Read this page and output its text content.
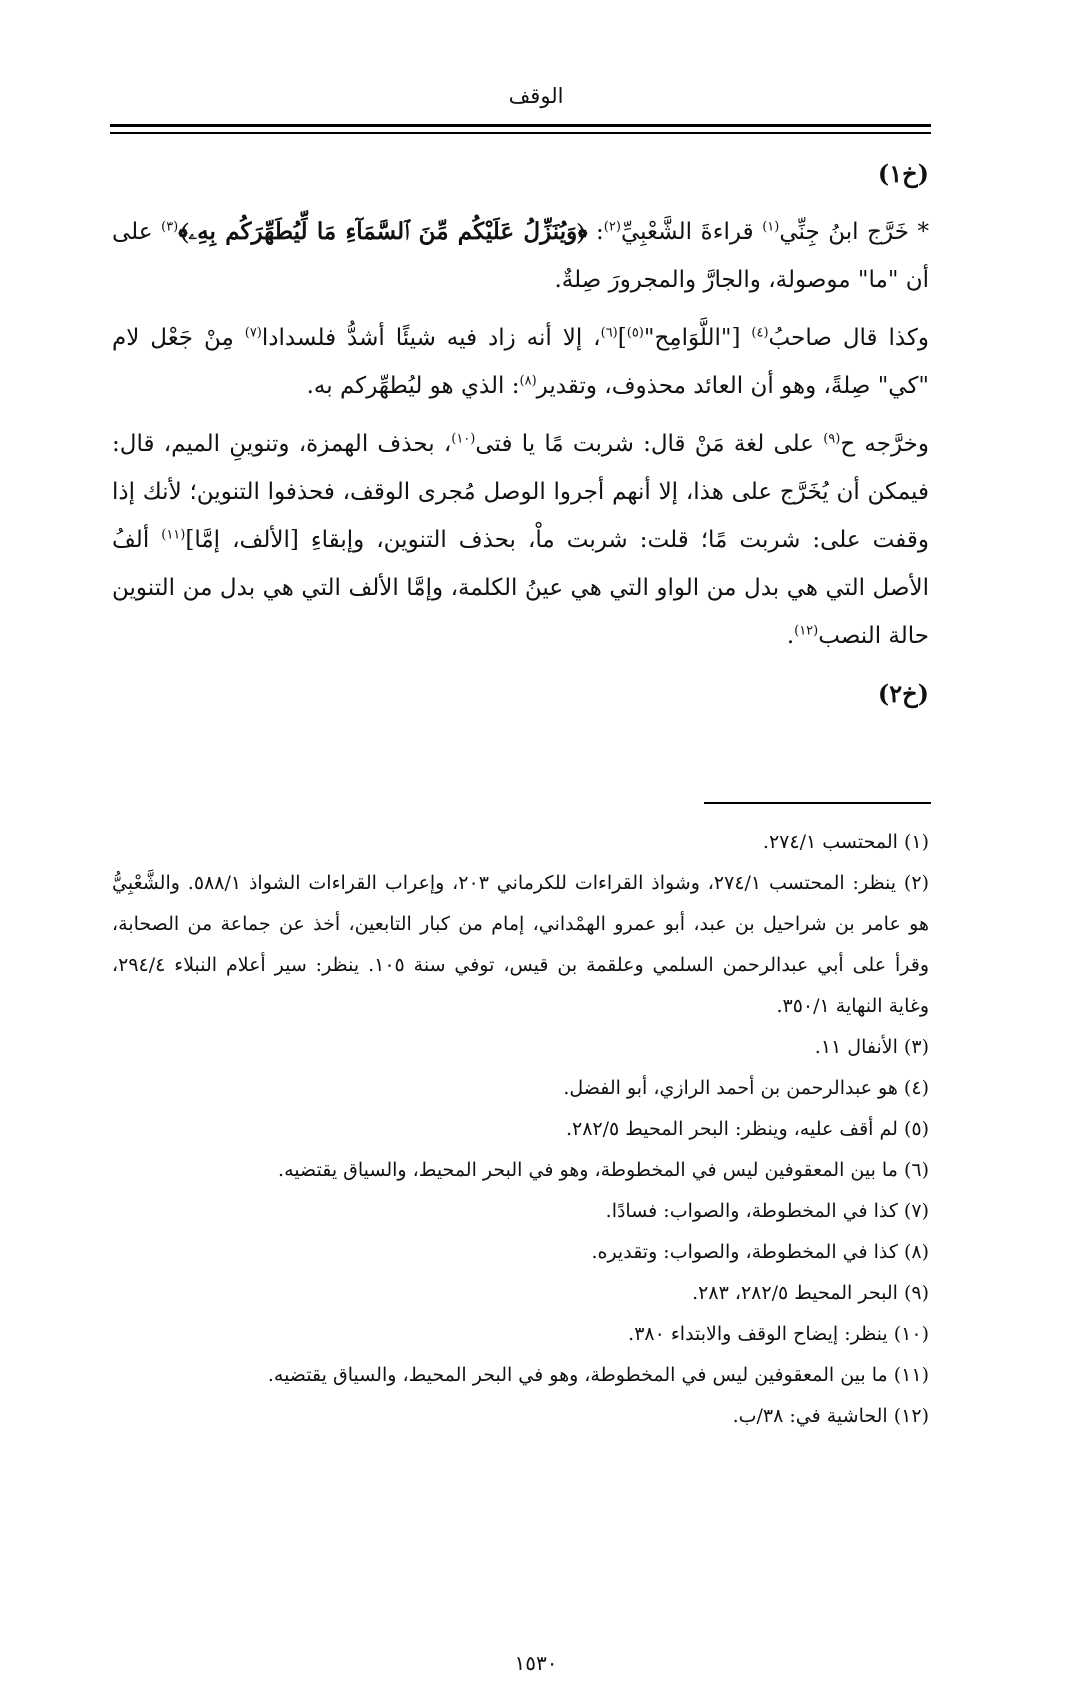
الوقف

(خ١)

* خَرَّج ابنُ جِنِّي$^{(١)}$ قراءةَ الشَّعْبِيِّ$^{(٢)}$: ﴿وَيُنَزِّلُ عَلَيْكُم مِّنَ ٱلسَّمَآءِ مَا لِّيُطَهِّرَكُم بِهِۦ﴾$^{(٣)}$ على أن "ما" موصولة، والجارَّ والمجرورَ صِلةٌ.

وكذا قال صاحبُ$^{(٤)}$ ["اللَّوَامِح"$^{(٥)}$]$^{(٦)}$، إلا أنه زاد فيه شيئًا أشدُّ فلسدادا$^{(٧)}$ مِنْ جَعْل لام "كي" صِلةً، وهو أن العائد محذوف، وتقدير$^{(٨)}$: الذي هو ليُطهِّركم به.

وخرَّجه ح$^{(٩)}$ على لغة مَنْ قال: شربت مًا يا فتى$^{(١٠)}$، بحذف الهمزة، وتنوينِ الميم، قال: فيمكن أن يُخَرَّج على هذا، إلا أنهم أجروا الوصل مُجرى الوقف، فحذفوا التنوين؛ لأنك إذا وقفت على: شربت مًا؛ قلت: شربت ماْ، بحذف التنوين، وإبقاءِ [الألف، إمَّا]$^{(١١)}$ ألفُ الأصل التي هي بدل من الواو التي هي عينُ الكلمة، وإمَّا الألف التي هي بدل من التنوين حالة النصب$^{(١٢)}$.

(خ٢)

(١) المحتسب ٢٧٤/١.

(٢) ينظر: المحتسب ٢٧٤/١، وشواذ القراءات للكرماني ٢٠٣، وإعراب القراءات الشواذ ٥٨٨/١. والشَّعْبِيُّ هو عامر بن شراحيل بن عبد، أبو عمرو الهمْداني، إمام من كبار التابعين، أخذ عن جماعة من الصحابة، وقرأ على أبي عبدالرحمن السلمي وعلقمة بن قيس، توفي سنة ١٠٥. ينظر: سير أعلام النبلاء ٢٩٤/٤، وغاية النهاية ٣٥٠/١.

(٣) الأنفال ١١.

(٤) هو عبدالرحمن بن أحمد الرازي، أبو الفضل.

(٥) لم أقف عليه، وينظر: البحر المحيط ٢٨٢/٥.

(٦) ما بين المعقوفين ليس في المخطوطة، وهو في البحر المحيط، والسياق يقتضيه.

(٧) كذا في المخطوطة، والصواب: فسادًا.

(٨) كذا في المخطوطة، والصواب: وتقديره.

(٩) البحر المحيط ٢٨٢/٥، ٢٨٣.

(١٠) ينظر: إيضاح الوقف والابتداء ٣٨٠.

(١١) ما بين المعقوفين ليس في المخطوطة، وهو في البحر المحيط، والسياق يقتضيه.

(١٢) الحاشية في: ٣٨/ب.

١٥٣٠
